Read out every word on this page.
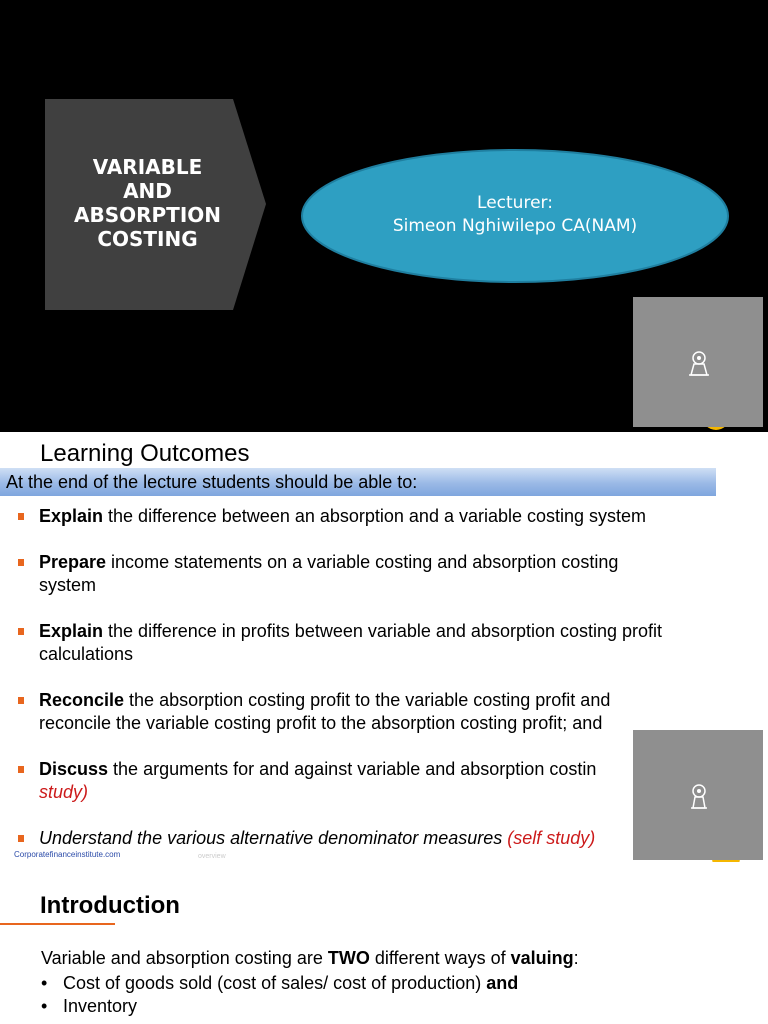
VARIABLE
AND
ABSORPTION
COSTING
Lecturer:
Simeon Nghiwilepo CA(NAM)
Learning Outcomes
At the end of the lecture students should be able to:
Explain the difference between an absorption and a variable costing system
Prepare income statements on a variable costing and absorption costing system
Explain the difference in profits between variable and absorption costing profit calculations
Reconcile the absorption costing profit to the variable costing profit and reconcile the variable costing profit to the absorption costing profit; and
Discuss the arguments for and against variable and absorption costin
study)
Understand the various alternative denominator measures (self study)
Corporatefinanceinstitute.com	overview
Introduction
Variable and absorption costing are TWO different ways of valuing:
• Cost of goods sold (cost of sales/ cost of production) and
• Inventory
